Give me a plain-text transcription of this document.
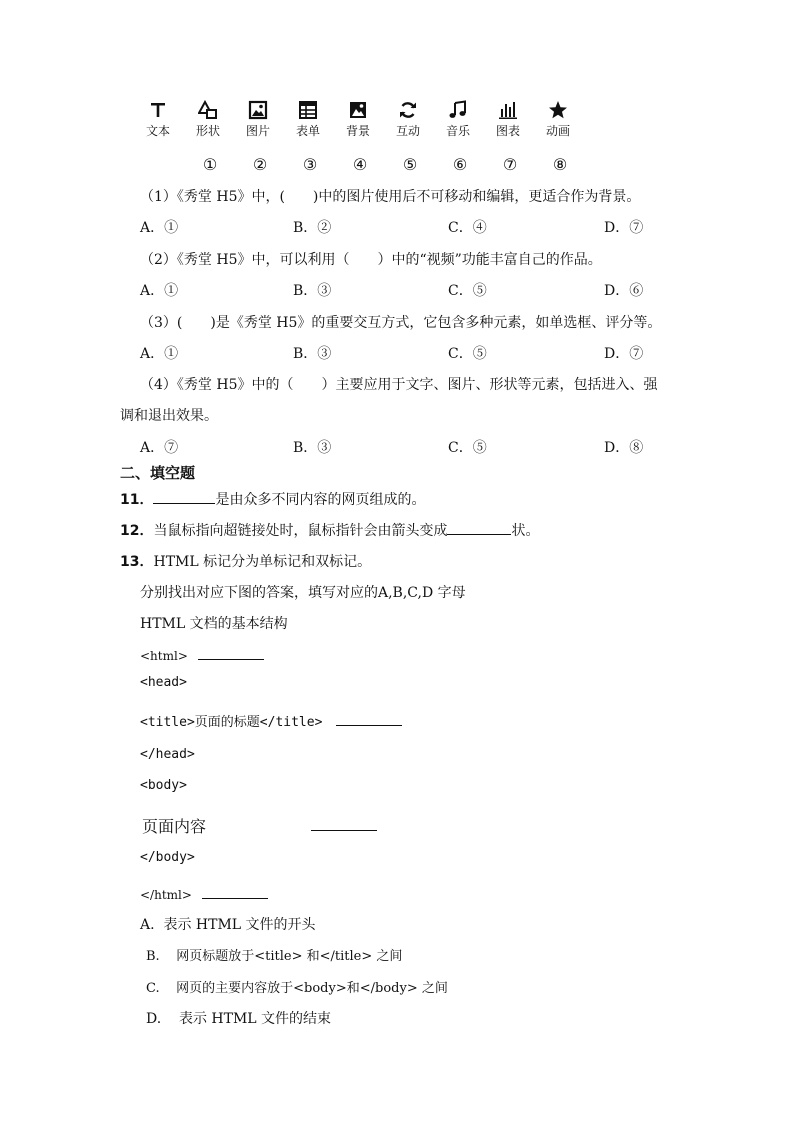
文本	形状	图片	表单	背景	互动	音乐	图表	动画
①	②	③	④	⑤	⑥	⑦	⑧
（1）《秀堂 H5》中，(　　)中的图片使用后不可移动和编辑，更适合作为背景。
A．①	B．②	C．④	D．⑦
（2）《秀堂 H5》中，可以利用（　　）中的“视频”功能丰富自己的作品。
A．①	B．③	C．⑤	D．⑥
（3）(　　)是《秀堂 H5》的重要交互方式，它包含多种元素，如单选框、评分等。
A．①	B．③	C．⑤	D．⑦
（4）《秀堂 H5》中的（　　）主要应用于文字、图片、形状等元素，包括进入、强
调和退出效果。
A．⑦	B．③	C．⑤	D．⑧
二、填空题
11．	是由众多不同内容的网页组成的。
12．当鼠标指向超链接处时，鼠标指针会由箭头变成	状。
13．HTML 标记分为单标记和双标记。
分别找出对应下图的答案，填写对应的A,B,C,D 字母
HTML 文档的基本结构
<html>
<head>
<title>页面的标题</title>
</head>
<body>
页面内容
</body>
</html>
A.  表示 HTML 文件的开头
B.    网页标题放于<title> 和</title> 之间
C.    网页的主要内容放于<body>和</body> 之间
D.    表示 HTML 文件的结束
